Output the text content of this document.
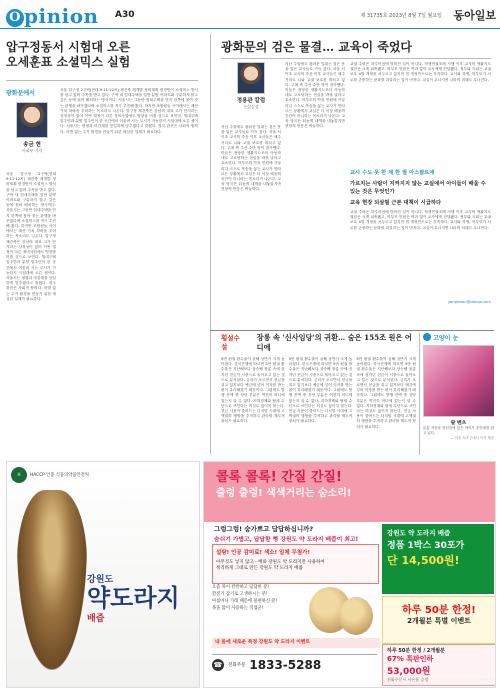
O pinion A30	제 31735호 2023년 8월 7일 월요일 동아일보
압구정동서 시험대 오른
오세훈표 소셜믹스 실험
광화문에서
송금 현
사회부 기자
서울 압구정 2구역(현대 9·11·12차) 재건축 재개발 정비계획 변경안이 소셜믹스 방식을 담고 있어 주목을 받고 있다. 구역 내 임대주택을 일반 분양 아파트와 구분하지 않고 같은 동에 섞어 배치하는 방식이다. 서울시는 그동안 임대주택을 단지 한쪽에 몰아 짓는 관행을 바꾸겠다며 소셜믹스를 적극 추진해 왔다. 하지만 조합원들 사이에서는 재산 가치 하락을 우려하는 목소리도 나온다. 압구정 재건축은 강남의 대표 고가 단지라는 상징성이 있어 이번 결정이 다른 정비사업에도 영향을 미칠 것으로 보인다. 임대주택 입주민과 분양 입주민이 한 공간에서 어울려 사는 도시가 가능한지 시험대에 오른 셈이다. 서울시는 평형과 마감재를 동일하게 맞추겠다고 밝혔다. 결국 관건은 사회적 합의다. 차별 없는 주거 환경을 만들기 위한 세심한 설계가 필요하다.
서울 압구정 2구역(현대 9·11·12차) 재건축 재개발 정비계획 변경안이 소셜믹스 방식을 담고 있어 주목을 받고 있다. 구역 내 임대주택을 일반 분양 아파트와 구분하지 않고 같은 동에 섞어 배치하는 방식이다. 서울시는 그동안 임대주택을 단지 한쪽에 몰아 짓는 관행을 바꾸겠다며 소셜믹스를 적극 추진해 왔다. 하지만 조합원들 사이에서는 재산 가치 하락을 우려하는 목소리도 나온다. 압구정 재건축은 강남의 대표 고가 단지라는 상징성이 있어 이번 결정이 다른 정비사업에도 영향을 미칠 것으로 보인다. 임대주택 입주민과 분양 입주민이 한 공간에서 어울려 사는 도시가 가능한지 시험대에 오른 셈이다. 서울시는 평형과 마감재를 동일하게 맞추겠다고 밝혔다. 결국 관건은 사회적 합의다. 차별 없는 주거 환경을 만들기 위한 세심한 설계가 필요하다.
광화문의 검은 물결… 교육이 죽었다
정용관 칼럼
논설실장
지난 주말에도 광화문 일대는 검은 옷을 입은 교사들로 가득 찼다. 서울 서이초 교사의 죽음 이후 교사들은 매주 거리로 나와 교권 보호를 외치고 있다. 주최 측 추산 수만 명이 참가했다. 이들은 정당한 생활지도조차 아동학대로 고소당하는 현실을 바꿔 달라고 호소한다. 학부모의 악성 민원에 시달리다 스스로 목숨을 끊는 교사가 잇따르는 상황에서 교실은 더 이상 배움의 공간이 아니라는 목소리가 나온다. 교육 당국은 뒤늦게 대책을 내놓았지만 현장의 반응은 싸늘하다.
지난 주말에도 광화문 일대는 검은 옷을 입은 교사들로 가득 찼다. 서울 서이초 교사의 죽음 이후 교사들은 매주 거리로 나와 교권 보호를 외치고 있다. 주최 측 추산 수만 명이 참가했다. 이들은 정당한 생활지도조차 아동학대로 고소당하는 현실을 바꿔 달라고 호소한다. 학부모의 악성 민원에 시달리다 스스로 목숨을 끊는 교사가 잇따르는 상황에서 교실은 더 이상 배움의 공간이 아니라는 목소리가 나온다. 교육 당국은 뒤늦게 대책을 내놓았지만 현장의 반응은 싸늘하다.
교권 추락은 하루아침에 벌어진 일이 아니다. 학생인권조례 시행 이후 교사의 생활지도 권한은 크게 위축됐고, 학부모 민원은 여과 없이 교사에게 전달됐다. 정부와 국회는 교권 보호 4법 개정을 서두르고 있지만 법 개정만으로는 부족하다. 교사와 학생, 학부모가 서로를 존중하는 문화를 되살리는 일이 먼저다. 교실이 무너지면 나라의 미래도 무너진다.
교사 수도 못 한 채 한 필 아스팔트에
가르치는 사람이 지켜지지 않는 교실에서 아이들이 배울 수 있는 것은 무엇인가
교육 현장 되살릴 근본 대책이 시급하다
교권 추락은 하루아침에 벌어진 일이 아니다. 학생인권조례 시행 이후 교사의 생활지도 권한은 크게 위축됐고, 학부모 민원은 여과 없이 교사에게 전달됐다. 정부와 국회는 교권 보호 4법 개정을 서두르고 있지만 법 개정만으로는 부족하다. 교사와 학생, 학부모가 서로를 존중하는 문화를 되살리는 일이 먼저다. 교실이 무너지면 나라의 미래도 무너진다.
yongkwan@donga.com
횡설수설
장롱 속 '신사임당'의 귀환… 숨은 155조 원은 어디에
5만 원권 환수율이 올해 상반기 크게 높아졌다. 한국은행에 따르면 5만 원권 환수율은 지난해보다 상승해 장롱 속에 잠자던 현금이 시중으로 돌아오고 있는 것으로 분석된다. 금리가 오르면서 현금을 쥐고 있기보다 예금에 넣어 이자를 받는 편이 유리해졌기 때문이다. 그럼에도 발행 잔액 중 상당 부분은 여전히 어디에 있는지 알 수 없다. 지하경제와 탈세 수단으로 쓰인다는 의심도 끊이지 않는다. 현금 사용이 줄어드는 디지털 시대에 고액권의 행방을 추적하고 관리할 제도적 장치가 필요하다.
5만 원권 환수율이 올해 상반기 크게 높아졌다. 한국은행에 따르면 5만 원권 환수율은 지난해보다 상승해 장롱 속에 잠자던 현금이 시중으로 돌아오고 있는 것으로 분석된다. 금리가 오르면서 현금을 쥐고 있기보다 예금에 넣어 이자를 받는 편이 유리해졌기 때문이다. 그럼에도 발행 잔액 중 상당 부분은 여전히 어디에 있는지 알 수 없다. 지하경제와 탈세 수단으로 쓰인다는 의심도 끊이지 않는다. 현금 사용이 줄어드는 디지털 시대에 고액권의 행방을 추적하고 관리할 제도적 장치가 필요하다.
5만 원권 환수율이 올해 상반기 크게 높아졌다. 한국은행에 따르면 5만 원권 환수율은 지난해보다 상승해 장롱 속에 잠자던 현금이 시중으로 돌아오고 있는 것으로 분석된다. 금리가 오르면서 현금을 쥐고 있기보다 예금에 넣어 이자를 받는 편이 유리해졌기 때문이다. 그럼에도 발행 잔액 중 상당 부분은 여전히 어디에 있는지 알 수 없다. 지하경제와 탈세 수단으로 쓰인다는 의심도 끊이지 않는다. 현금 사용이 줄어드는 디지털 시대에 고액권의 행방을 추적하고 관리할 제도적 장치가 필요하다.
고양이 눈
팔 벤츠
분홍 자동차 장난감에 앉은 아이가 운전대를 잡고 있다.
— 서울 서초구에서 독자 제공
H	HACCP 인증 식품의약품안전처
강원도
약도라지
배즙
콜록 콜록! 간질 간질!
출렁 출렁! 색색거리는 숨소리!
그렁그렁! 숨가쁘고 답답하십니까?
숨쉬기 가볍고, 답답함 뻥 강원도 약 도라지 배즙이 최고!
설탕! 인공 감미료! 색소! 일체 무첨가!
아무것도 넣지 않고 - 배와 강원도 약 도라지만 사용하여
정직하게 그대로 만든 강원도 약 도라지 배즙
요즘 목이 칼칼하고 답답한 분!
환절기 감기로 고생하시는 분!
아침마다 가래 때문에 불편하신 분!
목을 많이 사용하는 직업군!
강원도 약 도라지 배즙
정품 1박스 30포가
단 14,500원!
하루 50분 한정!
2개월분 특별 이벤트
내 몸에 새로운 특정 강원도 약 도라지 이벤트
☎	전화주문 1833-5288
하루 50분 한정 / 2개월분
67% 특판인하
53,000원
전화주문시 사은품 증정
